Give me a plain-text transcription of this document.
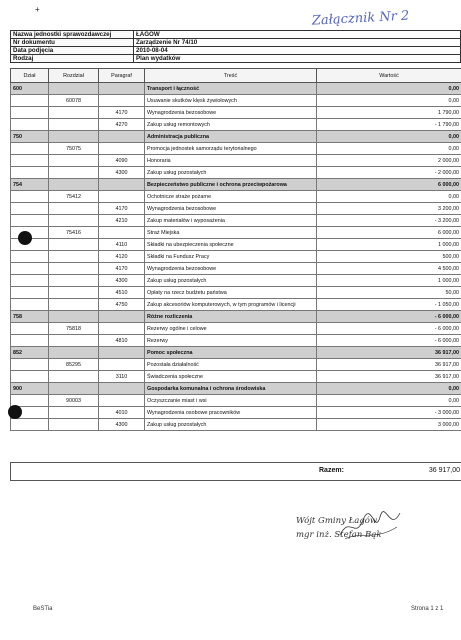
+	Załącznik Nr 2
Nazwa jednostki sprawozdawczej	ŁAGÓW
Nr dokumentu	Zarządzenie Nr 74/10
Data podjęcia	2010-08-04
Rodzaj	Plan wydatków
Dział	Rozdział	Paragraf	Treść	Wartość
600			Transport i łączność	0,00
	60078		Usuwanie skutków klęsk żywiołowych	0,00
		4170	Wynagrodzenia bezosobowe	1 790,00
		4270	Zakup usług remontowych	- 1 790,00
750			Administracja publiczna	0,00
	75075		Promocja jednostek samorządu terytorialnego	0,00
		4090	Honoraria	2 000,00
		4300	Zakup usług pozostałych	- 2 000,00
754			Bezpieczeństwo publiczne i ochrona przeciwpożarowa	6 000,00
	75412		Ochotnicze straże pożarne	0,00
		4170	Wynagrodzenia bezosobowe	3 200,00
		4210	Zakup materiałów i wyposażenia	- 3 200,00
	75416		Straż Miejska	6 000,00
		4110	Składki na ubezpieczenia społeczne	1 000,00
		4120	Składki na Fundusz Pracy	500,00
		4170	Wynagrodzenia bezosobowe	4 500,00
		4300	Zakup usług pozostałych	1 000,00
		4510	Opłaty na rzecz budżetu państwa	50,00
		4750	Zakup akcesoriów komputerowych, w tym programów i licencji	- 1 050,00
758			Różne rozliczenia	- 6 000,00
	75818		Rezerwy ogólne i celowe	- 6 000,00
		4810	Rezerwy	- 6 000,00
852			Pomoc społeczna	36 917,00
	85295		Pozostała działalność	36 917,00
		3110	Świadczenia społeczne	36 917,00
900			Gospodarka komunalna i ochrona środowiska	0,00
	90003		Oczyszczanie miast i wsi	0,00
		4010	Wynagrodzenia osobowe pracowników	- 3 000,00
		4300	Zakup usług pozostałych	3 000,00
Razem:	36 917,00
Wójt Gminy Łagów
mgr inż. Stefan Bąk
BeSTia	Strona 1 z 1
